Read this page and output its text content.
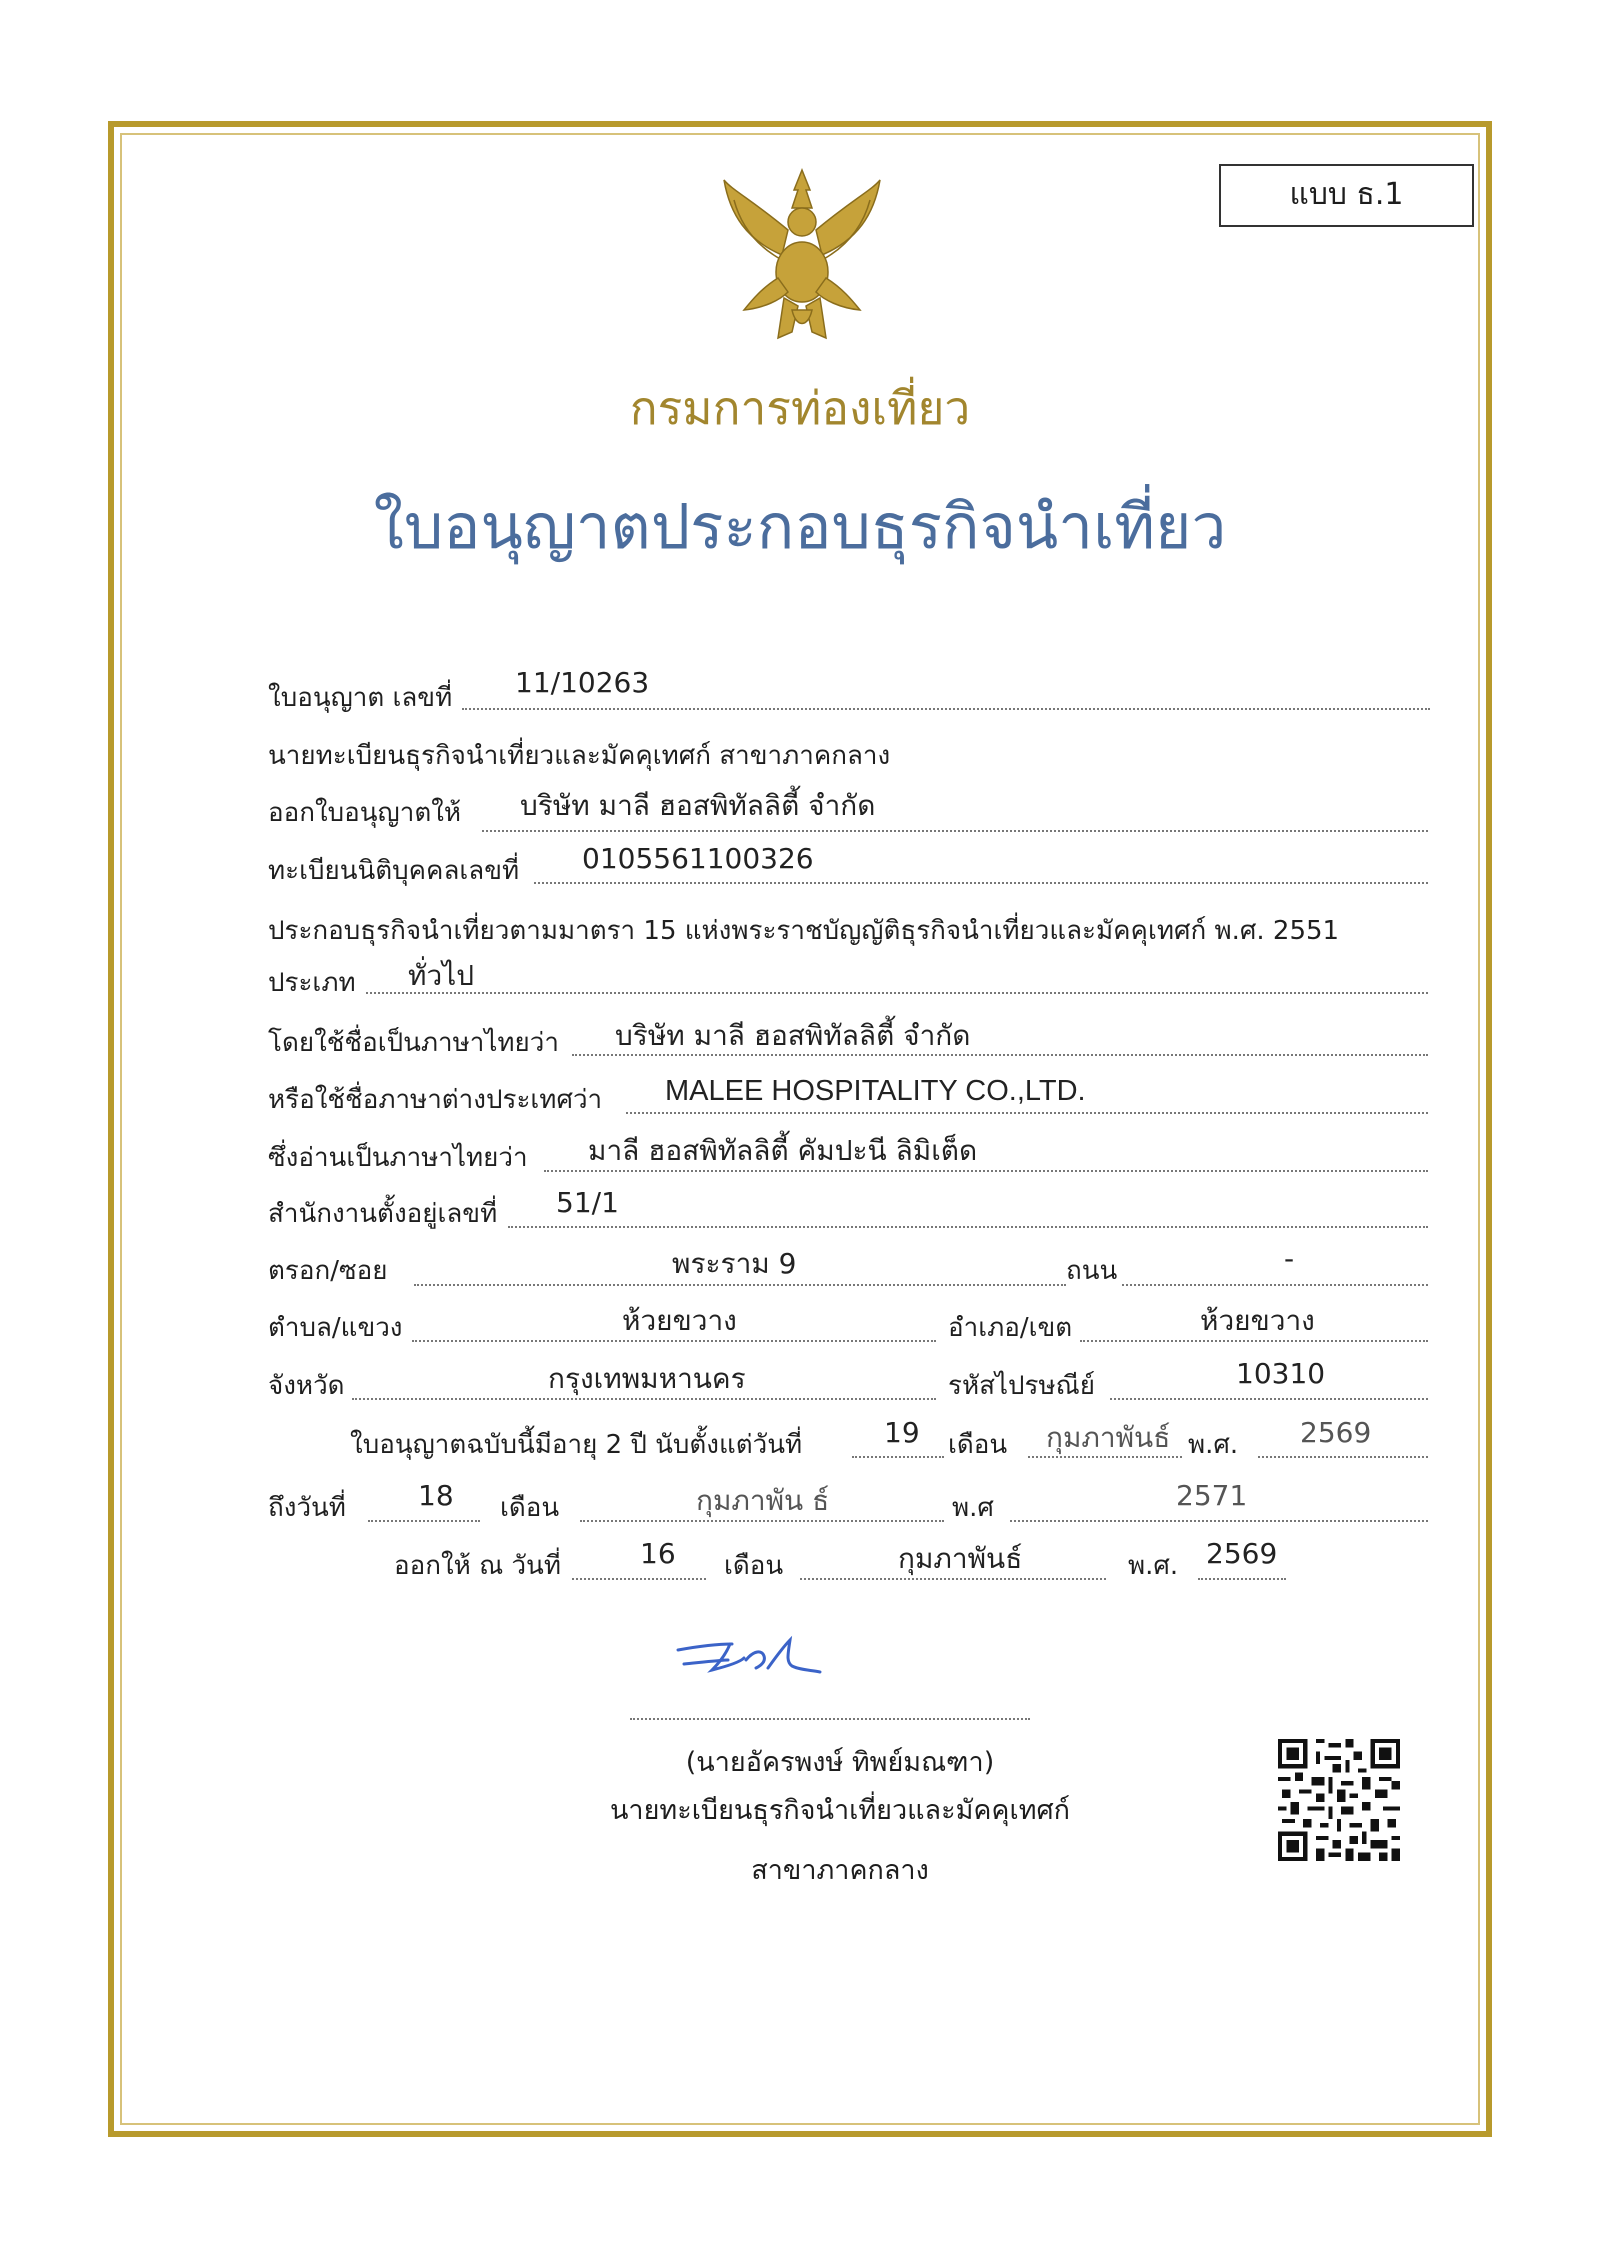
แบบ ธ.1
กรมการท่องเที่ยว
ใบอนุญาตประกอบธุรกิจนำเที่ยว
ใบอนุญาต เลขที่ 11/10263
นายทะเบียนธุรกิจนำเที่ยวและมัคคุเทศก์ สาขาภาคกลาง
ออกใบอนุญาตให้ บริษัท มาลี ฮอสพิทัลลิตี้ จำกัด
ทะเบียนนิติบุคคลเลขที่ 0105561100326
ประกอบธุรกิจนำเที่ยวตามมาตรา 15 แห่งพระราชบัญญัติธุรกิจนำเที่ยวและมัคคุเทศก์ พ.ศ. 2551
ประเภท ทั่วไป
โดยใช้ชื่อเป็นภาษาไทยว่า บริษัท มาลี ฮอสพิทัลลิตี้ จำกัด
หรือใช้ชื่อภาษาต่างประเทศว่า MALEE HOSPITALITY CO.,LTD.
ซึ่งอ่านเป็นภาษาไทยว่า มาลี ฮอสพิทัลลิตี้ คัมปะนี ลิมิเต็ด
สำนักงานตั้งอยู่เลขที่ 51/1
ตรอก/ซอย	พระราม 9	ถนน	-
ตำบล/แขวง	ห้วยขวาง	อำเภอ/เขต	ห้วยขวาง
จังหวัด	กรุงเทพมหานคร	รหัสไปรษณีย์	10310
ใบอนุญาตฉบับนี้มีอายุ 2 ปี นับตั้งแต่วันที่	19 เดือน กุมภาพันธ์ พ.ศ. 2569
ถึงวันที่	18 เดือน	กุมภาพัน ธ์	พ.ศ	2571
ออกให้ ณ วันที่	16 เดือน	กุมภาพันธ์	พ.ศ. 2569
(นายอัครพงษ์ ทิพย์มณฑา)
นายทะเบียนธุรกิจนำเที่ยวและมัคคุเทศก์
สาขาภาคกลาง
